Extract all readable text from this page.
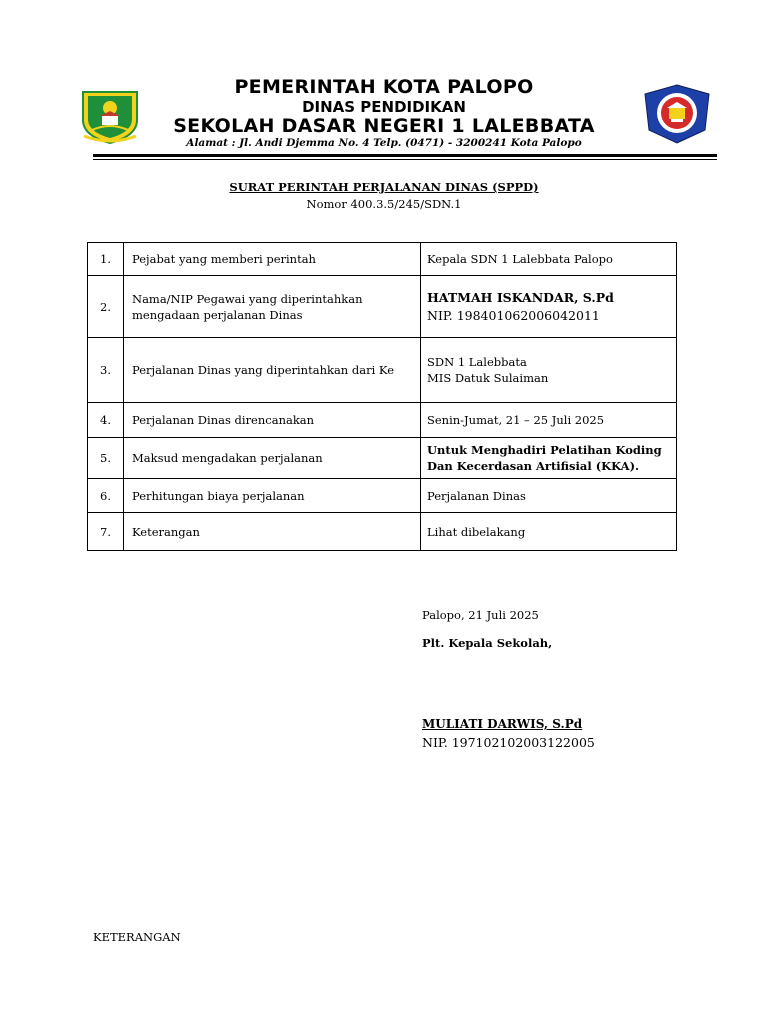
PEMERINTAH KOTA PALOPO
DINAS PENDIDIKAN
SEKOLAH DASAR NEGERI 1 LALEBBATA
Alamat : Jl. Andi Djemma No. 4 Telp. (0471) - 3200241 Kota Palopo
SURAT PERINTAH PERJALANAN DINAS (SPPD)
Nomor 400.3.5/245/SDN.1
1.	Pejabat yang memberi perintah	Kepala SDN 1 Lalebbata Palopo
2.	Nama/NIP Pegawai yang diperintahkan mengadaan perjalanan Dinas	HATMAH ISKANDAR, S.Pd
NIP. 198401062006042011

3.	Perjalanan Dinas yang diperintahkan dari Ke	SDN 1 Lalebbata
MIS Datuk Sulaiman

4.	Perjalanan Dinas direncanakan	Senin-Jumat, 21 – 25 Juli 2025
5.	Maksud mengadakan perjalanan	Untuk Menghadiri Pelatihan Koding
Dan Kecerdasan Artifisial (KKA).

6.	Perhitungan biaya perjalanan	Perjalanan Dinas
7.	Keterangan	Lihat dibelakang
Palopo, 21 Juli 2025
Plt. Kepala Sekolah,
MULIATI DARWIS, S.Pd
NIP. 197102102003122005
KETERANGAN
